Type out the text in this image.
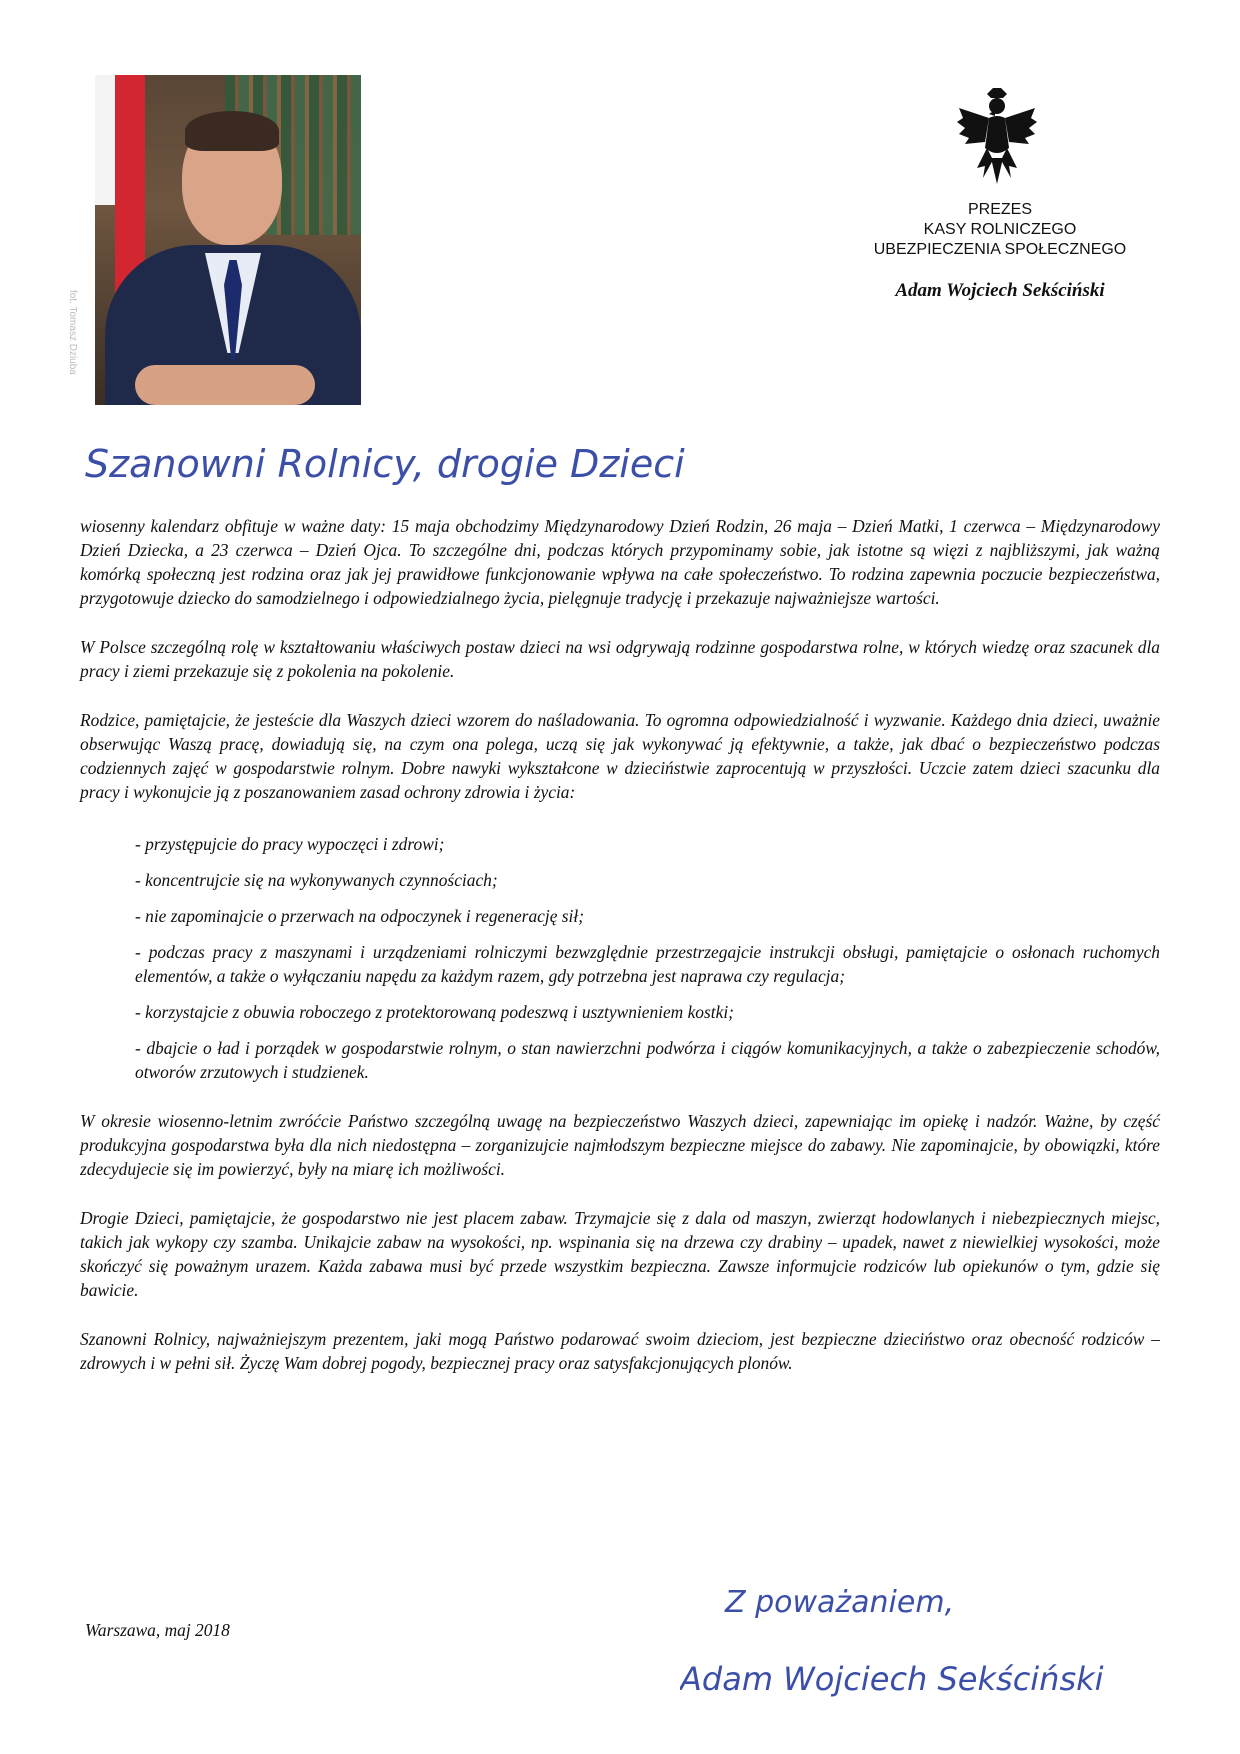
fot. Tomasz Dziuba
PREZES
KASY ROLNICZEGO
UBEZPIECZENIA SPOŁECZNEGO
Adam Wojciech Sekściński
Szanowni Rolnicy, drogie Dzieci,

wiosenny kalendarz obfituje w ważne daty: 15 maja obchodzimy Międzynarodowy Dzień Rodzin, 26 maja – Dzień Matki, 1 czerwca – Międzynarodowy Dzień Dziecka, a 23 czerwca – Dzień Ojca. To szczególne dni, podczas których przypominamy sobie, jak istotne są więzi z najbliższymi, jak ważną komórką społeczną jest rodzina oraz jak jej prawidłowe funkcjonowanie wpływa na całe społeczeństwo. To rodzina zapewnia poczucie bezpieczeństwa, przygotowuje dziecko do samodzielnego i odpowiedzialnego życia, pielęgnuje tradycję i przekazuje najważniejsze wartości.

W Polsce szczególną rolę w kształtowaniu właściwych postaw dzieci na wsi odgrywają rodzinne gospodarstwa rolne, w których wiedzę oraz szacunek dla pracy i ziemi przekazuje się z pokolenia na pokolenie.

Rodzice, pamiętajcie, że jesteście dla Waszych dzieci wzorem do naśladowania. To ogromna odpowiedzialność i wyzwanie. Każdego dnia dzieci, uważnie obserwując Waszą pracę, dowiadują się, na czym ona polega, uczą się jak wykonywać ją efektywnie, a także, jak dbać o bezpieczeństwo podczas codziennych zajęć w gospodarstwie rolnym. Dobre nawyki wykształcone w dzieciństwie zaprocentują w przyszłości. Uczcie zatem dzieci szacunku dla pracy i wykonujcie ją z poszanowaniem zasad ochrony zdrowia i życia:

- przystępujcie do pracy wypoczęci i zdrowi;
- koncentrujcie się na wykonywanych czynnościach;
- nie zapominajcie o przerwach na odpoczynek i regenerację sił;
- podczas pracy z maszynami i urządzeniami rolniczymi bezwzględnie przestrzegajcie instrukcji obsługi, pamiętajcie o osłonach ruchomych elementów, a także o wyłączaniu napędu za każdym razem, gdy potrzebna jest naprawa czy regulacja;
- korzystajcie z obuwia roboczego z protektorowaną podeszwą i usztywnieniem kostki;
- dbajcie o ład i porządek w gospodarstwie rolnym, o stan nawierzchni podwórza i ciągów komunikacyjnych, a także o zabezpieczenie schodów, otworów zrzutowych i studzienek.

W okresie wiosenno-letnim zwróćcie Państwo szczególną uwagę na bezpieczeństwo Waszych dzieci, zapewniając im opiekę i nadzór. Ważne, by część produkcyjna gospodarstwa była dla nich niedostępna – zorganizujcie najmłodszym bezpieczne miejsce do zabawy. Nie zapominajcie, by obowiązki, które zdecydujecie się im powierzyć, były na miarę ich możliwości.

Drogie Dzieci, pamiętajcie, że gospodarstwo nie jest placem zabaw. Trzymajcie się z dala od maszyn, zwierząt hodowlanych i niebezpiecznych miejsc, takich jak wykopy czy szamba. Unikajcie zabaw na wysokości, np. wspinania się na drzewa czy drabiny – upadek, nawet z niewielkiej wysokości, może skończyć się poważnym urazem. Każda zabawa musi być przede wszystkim bezpieczna. Zawsze informujcie rodziców lub opiekunów o tym, gdzie się bawicie.

Szanowni Rolnicy, najważniejszym prezentem, jaki mogą Państwo podarować swoim dzieciom, jest bezpieczne dzieciństwo oraz obecność rodziców – zdrowych i w pełni sił. Życzę Wam dobrej pogody, bezpiecznej pracy oraz satysfakcjonujących plonów.

Z poważaniem,
Adam Wojciech Sekściński
Warszawa, maj 2018
